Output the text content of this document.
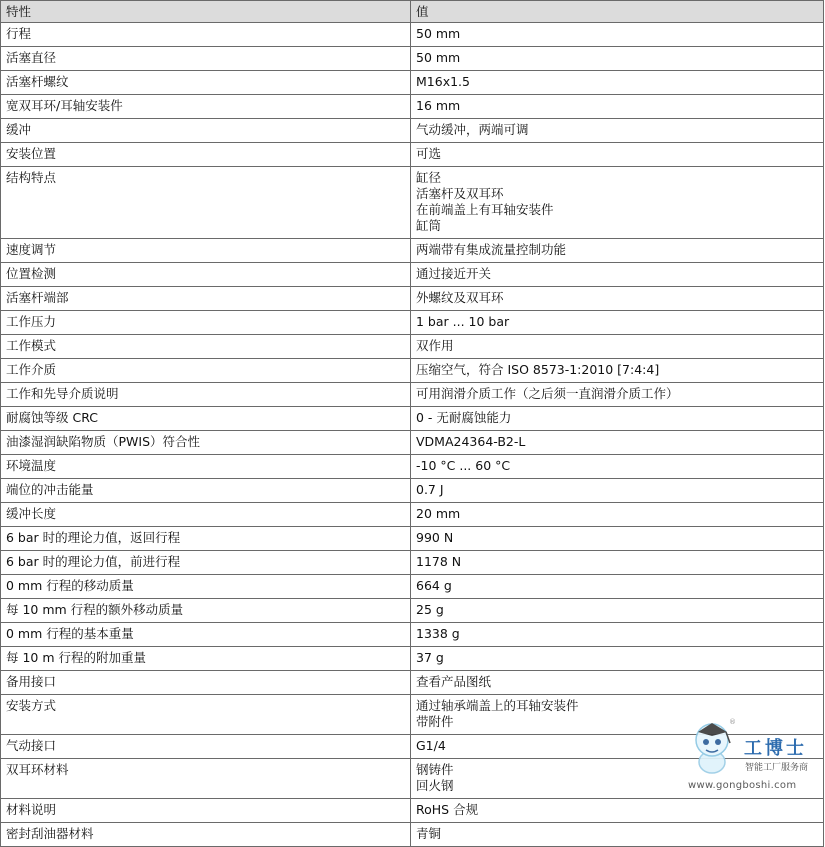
特性	值
行程	50 mm

活塞直径	50 mm

活塞杆螺纹	M16x1.5

宽双耳环/耳轴安装件	16 mm

缓冲	气动缓冲，两端可调

安装位置	可选

结构特点	缸径
活塞杆及双耳环
在前端盖上有耳轴安装件
缸筒

速度调节	两端带有集成流量控制功能

位置检测	通过接近开关

活塞杆端部	外螺纹及双耳环

工作压力	1 bar ... 10 bar

工作模式	双作用

工作介质	压缩空气，符合 ISO 8573-1:2010 [7:4:4]

工作和先导介质说明	可用润滑介质工作（之后须一直润滑介质工作）

耐腐蚀等级 CRC	0 - 无耐腐蚀能力

油漆湿润缺陷物质（PWIS）符合性	VDMA24364-B2-L

环境温度	-10 °C ... 60 °C

端位的冲击能量	0.7 J

缓冲长度	20 mm

6 bar 时的理论力值，返回行程	990 N

6 bar 时的理论力值，前进行程	1178 N

0 mm 行程的移动质量	664 g

每 10 mm 行程的额外移动质量	25 g

0 mm 行程的基本重量	1338 g

每 10 m 行程的附加重量	37 g

备用接口	查看产品图纸

安装方式	通过轴承端盖上的耳轴安装件
带附件

气动接口	G1/4

双耳环材料	钢铸件
回火钢

材料说明	RoHS 合规

密封刮油器材料	青铜
®
工博士
智能工厂服务商
www.gongboshi.com
